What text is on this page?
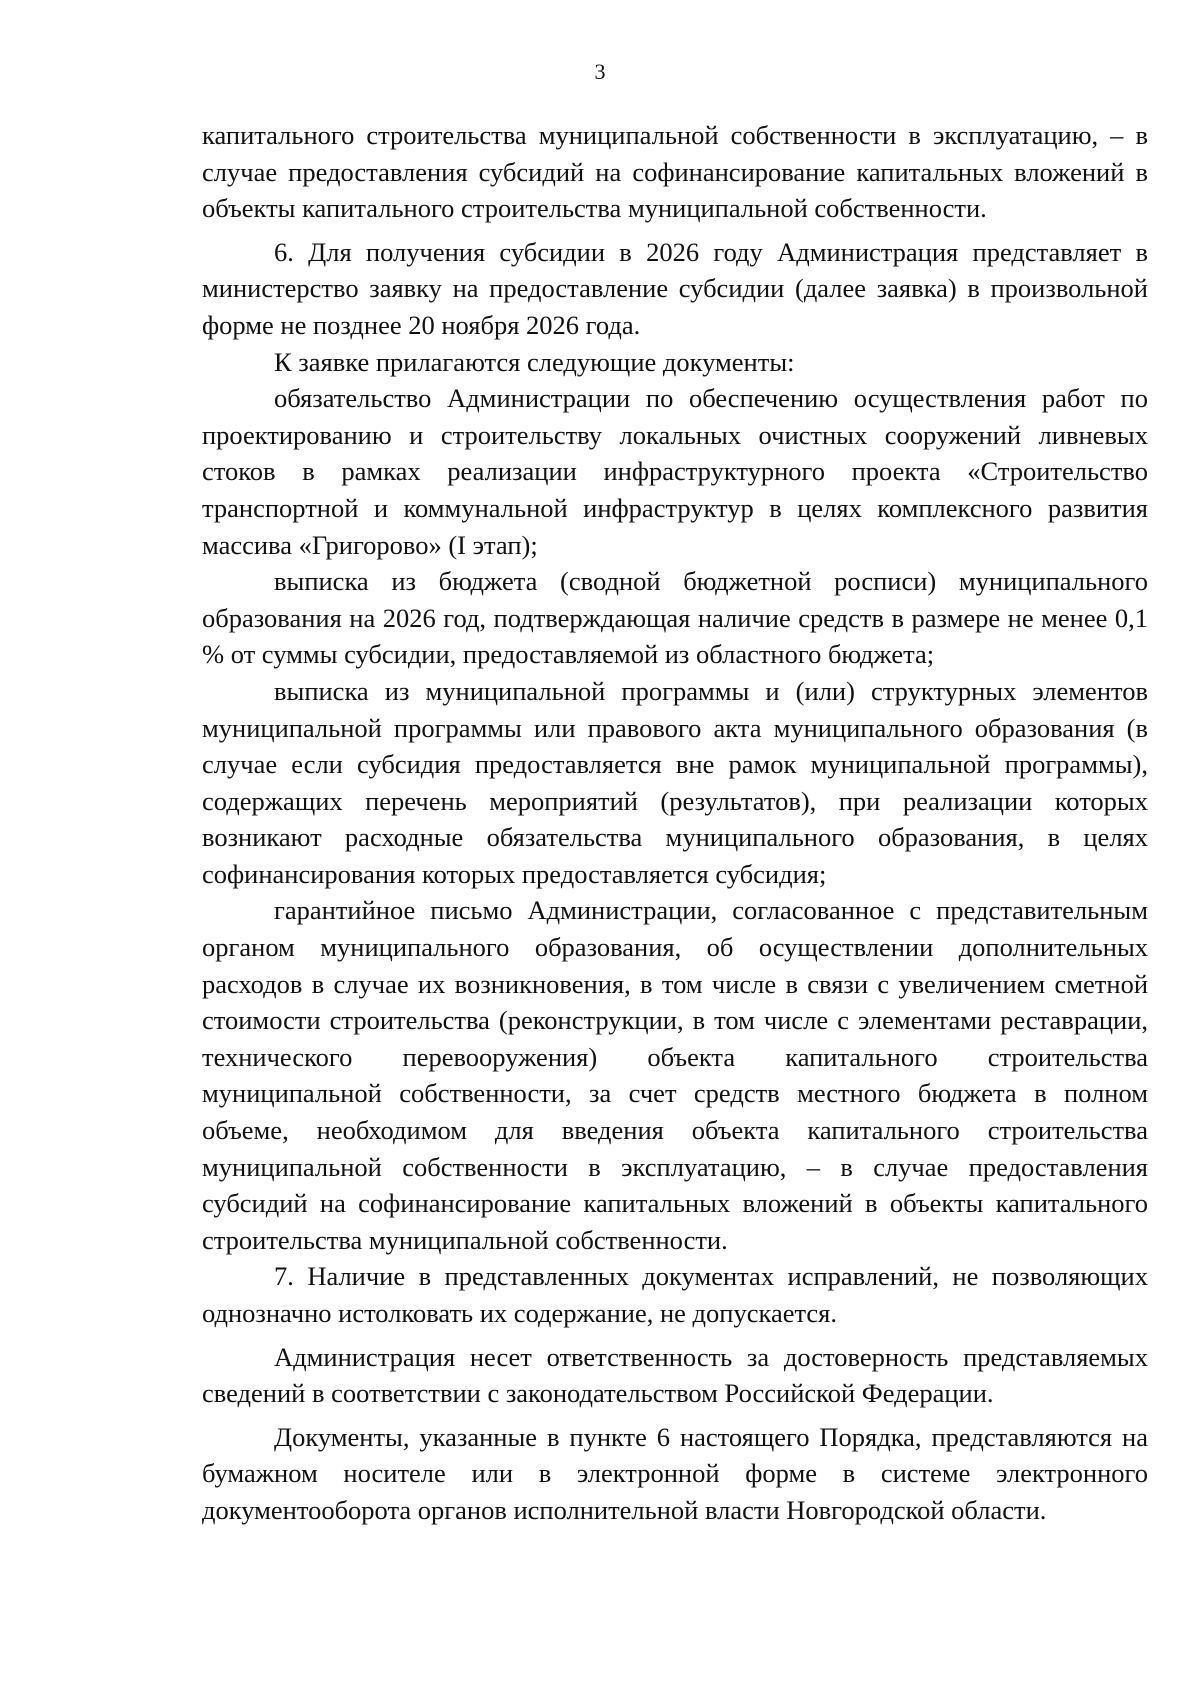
3

капитального строительства муниципальной собственности в эксплуатацию, – в случае предоставления субсидий на софинансирование капитальных вложений в объекты капитального строительства муниципальной собственности.

6. Для получения субсидии в 2026 году Администрация представляет в министерство заявку на предоставление субсидии (далее заявка) в произвольной форме не позднее 20 ноября 2026 года.

К заявке прилагаются следующие документы:

обязательство Администрации по обеспечению осуществления работ по проектированию и строительству локальных очистных сооружений ливневых стоков в рамках реализации инфраструктурного проекта «Строительство транспортной и коммунальной инфраструктур в целях комплексного развития массива «Григорово» (I этап);

выписка из бюджета (сводной бюджетной росписи) муниципального образования на 2026 год, подтверждающая наличие средств в размере не менее 0,1 % от суммы субсидии, предоставляемой из областного бюджета;

выписка из муниципальной программы и (или) структурных элементов муниципальной программы или правового акта муниципального образования (в случае если субсидия предоставляется вне рамок муниципальной программы), содержащих перечень мероприятий (результатов), при реализации которых возникают расходные обязательства муниципального образования, в целях софинансирования которых предоставляется субсидия;

гарантийное письмо Администрации, согласованное с представительным органом муниципального образования, об осуществлении дополнительных расходов в случае их возникновения, в том числе в связи с увеличением сметной стоимости строительства (реконструкции, в том числе с элементами реставрации, технического перевооружения) объекта капитального строительства муниципальной собственности, за счет средств местного бюджета в полном объеме, необходимом для введения объекта капитального строительства муниципальной собственности в эксплуатацию, – в случае предоставления субсидий на софинансирование капитальных вложений в объекты капитального строительства муниципальной собственности.

7. Наличие в представленных документах исправлений, не позволяющих однозначно истолковать их содержание, не допускается.

Администрация несет ответственность за достоверность представляемых сведений в соответствии с законодательством Российской Федерации.

Документы, указанные в пункте 6 настоящего Порядка, представляются на бумажном носителе или в электронной форме в системе электронного документооборота органов исполнительной власти Новгородской области.
